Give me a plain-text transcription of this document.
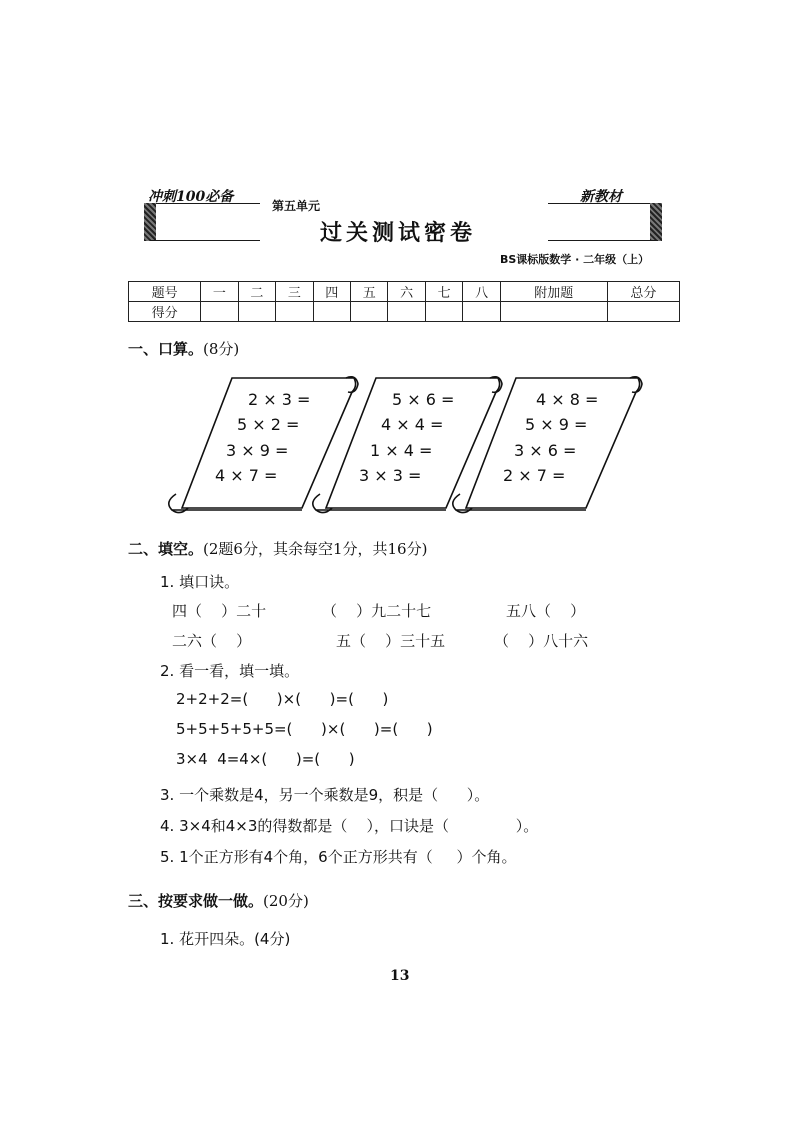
冲刺100必备
第五单元
新教材
过关测试密卷
BS课标版数学 · 二年级（上）
题号	一	二	三	四	五	六	七	八	附加题	总分
得分										
一、口算。(8分)
2 × 3 =
5 × 2 =
3 × 9 =
4 × 7 =
5 × 6 =
4 × 4 =
1 × 4 =
3 × 3 =
4 × 8 =
5 × 9 =
3 × 6 =
2 × 7 =
二、填空。(2题6分，其余每空1分，共16分)
1. 填口诀。
四（    ）二十	（    ）九二十七	五八（    ）
二六（    ）	五（    ）三十五	（    ）八十六
2. 看一看，填一填。
2+2+2=(      )×(      )=(      )
5+5+5+5+5=(      )×(      )=(      )
3×4  4=4×(      )=(      )
3. 一个乘数是4，另一个乘数是9，积是（      ）。
4. 3×4和4×3的得数都是（    ），口诀是（              ）。
5. 1个正方形有4个角，6个正方形共有（     ）个角。
三、按要求做一做。(20分)
1. 花开四朵。(4分)
13
